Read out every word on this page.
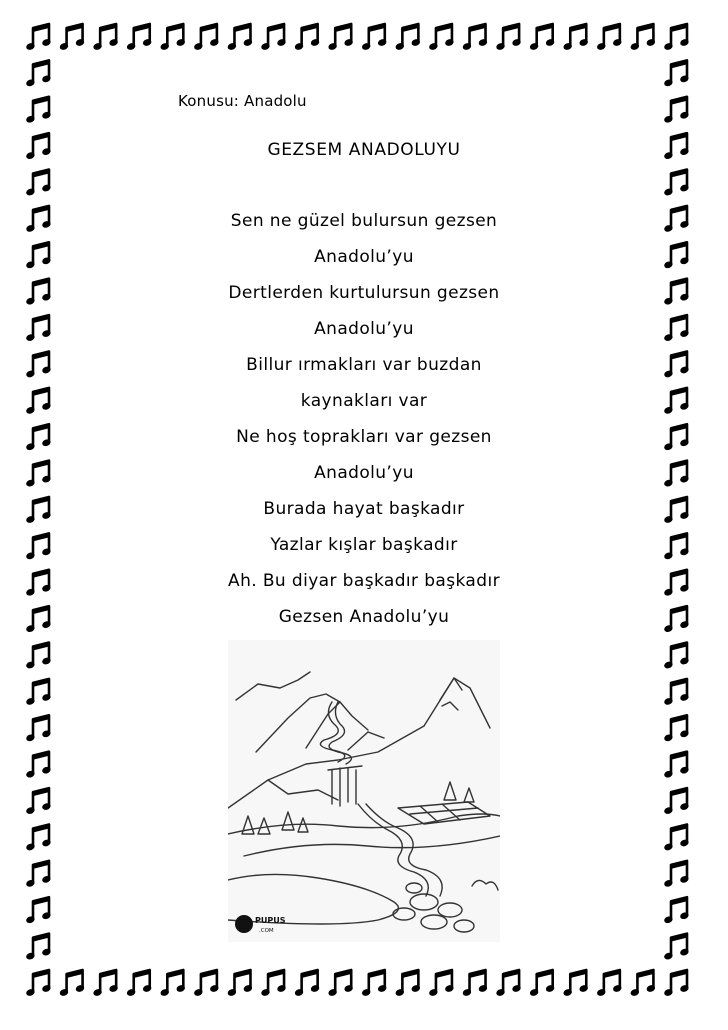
Konusu: Anadolu

GEZSEM ANADOLUYU
Sen ne güzel bulursun gezsen
Anadolu’yu
Dertlerden kurtulursun gezsen
Anadolu’yu
Billur ırmakları var buzdan
kaynakları var
Ne hoş toprakları var gezsen
Anadolu’yu
Burada hayat başkadır
Yazlar kışlar başkadır
Ah. Bu diyar başkadır başkadır
Gezsen Anadolu’yu
PUPUS
.COM
